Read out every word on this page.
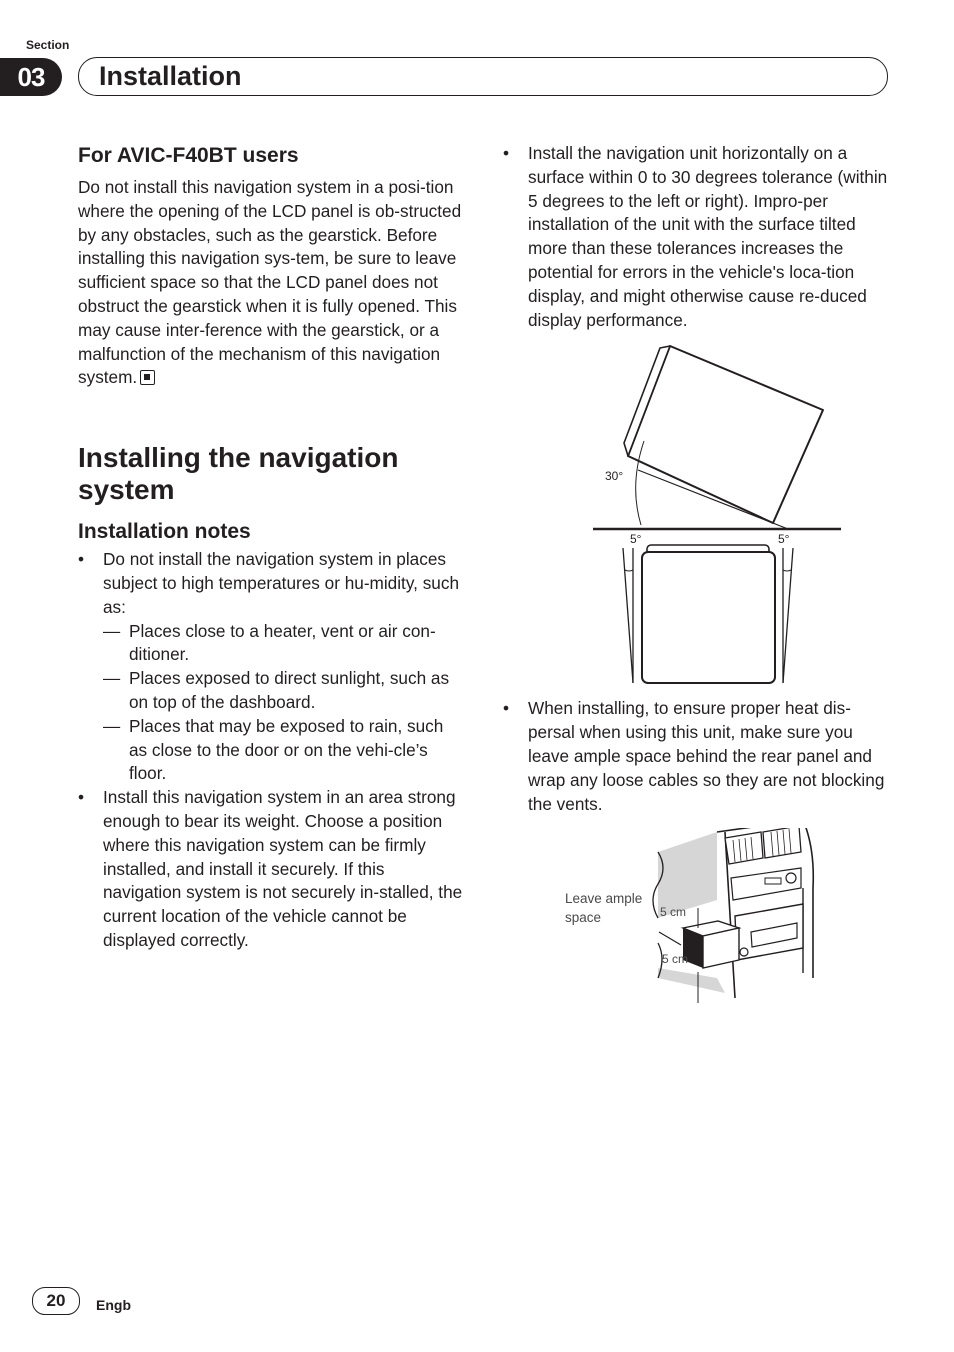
Section
03	Installation
For AVIC-F40BT users

Do not install this navigation system in a posi-tion where the opening of the LCD panel is ob-structed by any obstacles, such as the gearstick. Before installing this navigation sys-tem, be sure to leave sufficient space so that the LCD panel does not obstruct the gearstick when it is fully opened. This may cause inter-ference with the gearstick, or a malfunction of the mechanism of this navigation system.

Installing the navigation system
Installation notes

• Do not install the navigation system in places subject to high temperatures or hu-midity, such as:

— Places close to a heater, vent or air con-ditioner.

— Places exposed to direct sunlight, such as on top of the dashboard.

— Places that may be exposed to rain, such as close to the door or on the vehi-cle’s floor.

• Install this navigation system in an area strong enough to bear its weight. Choose a position where this navigation system can be firmly installed, and install it securely. If this navigation system is not securely in-stalled, the current location of the vehicle cannot be displayed correctly.

• Install the navigation unit horizontally on a surface within 0 to 30 degrees tolerance (within 5 degrees to the left or right). Impro-per installation of the unit with the surface tilted more than these tolerances increases the potential for errors in the vehicle's loca-tion display, and might otherwise cause re-duced display performance.

30°
5°	5°

• When installing, to ensure proper heat dis-persal when using this unit, make sure you leave ample space behind the rear panel and wrap any loose cables so they are not blocking the vents.

Leave ample
space	5 cm
5 cm
20	Engb
